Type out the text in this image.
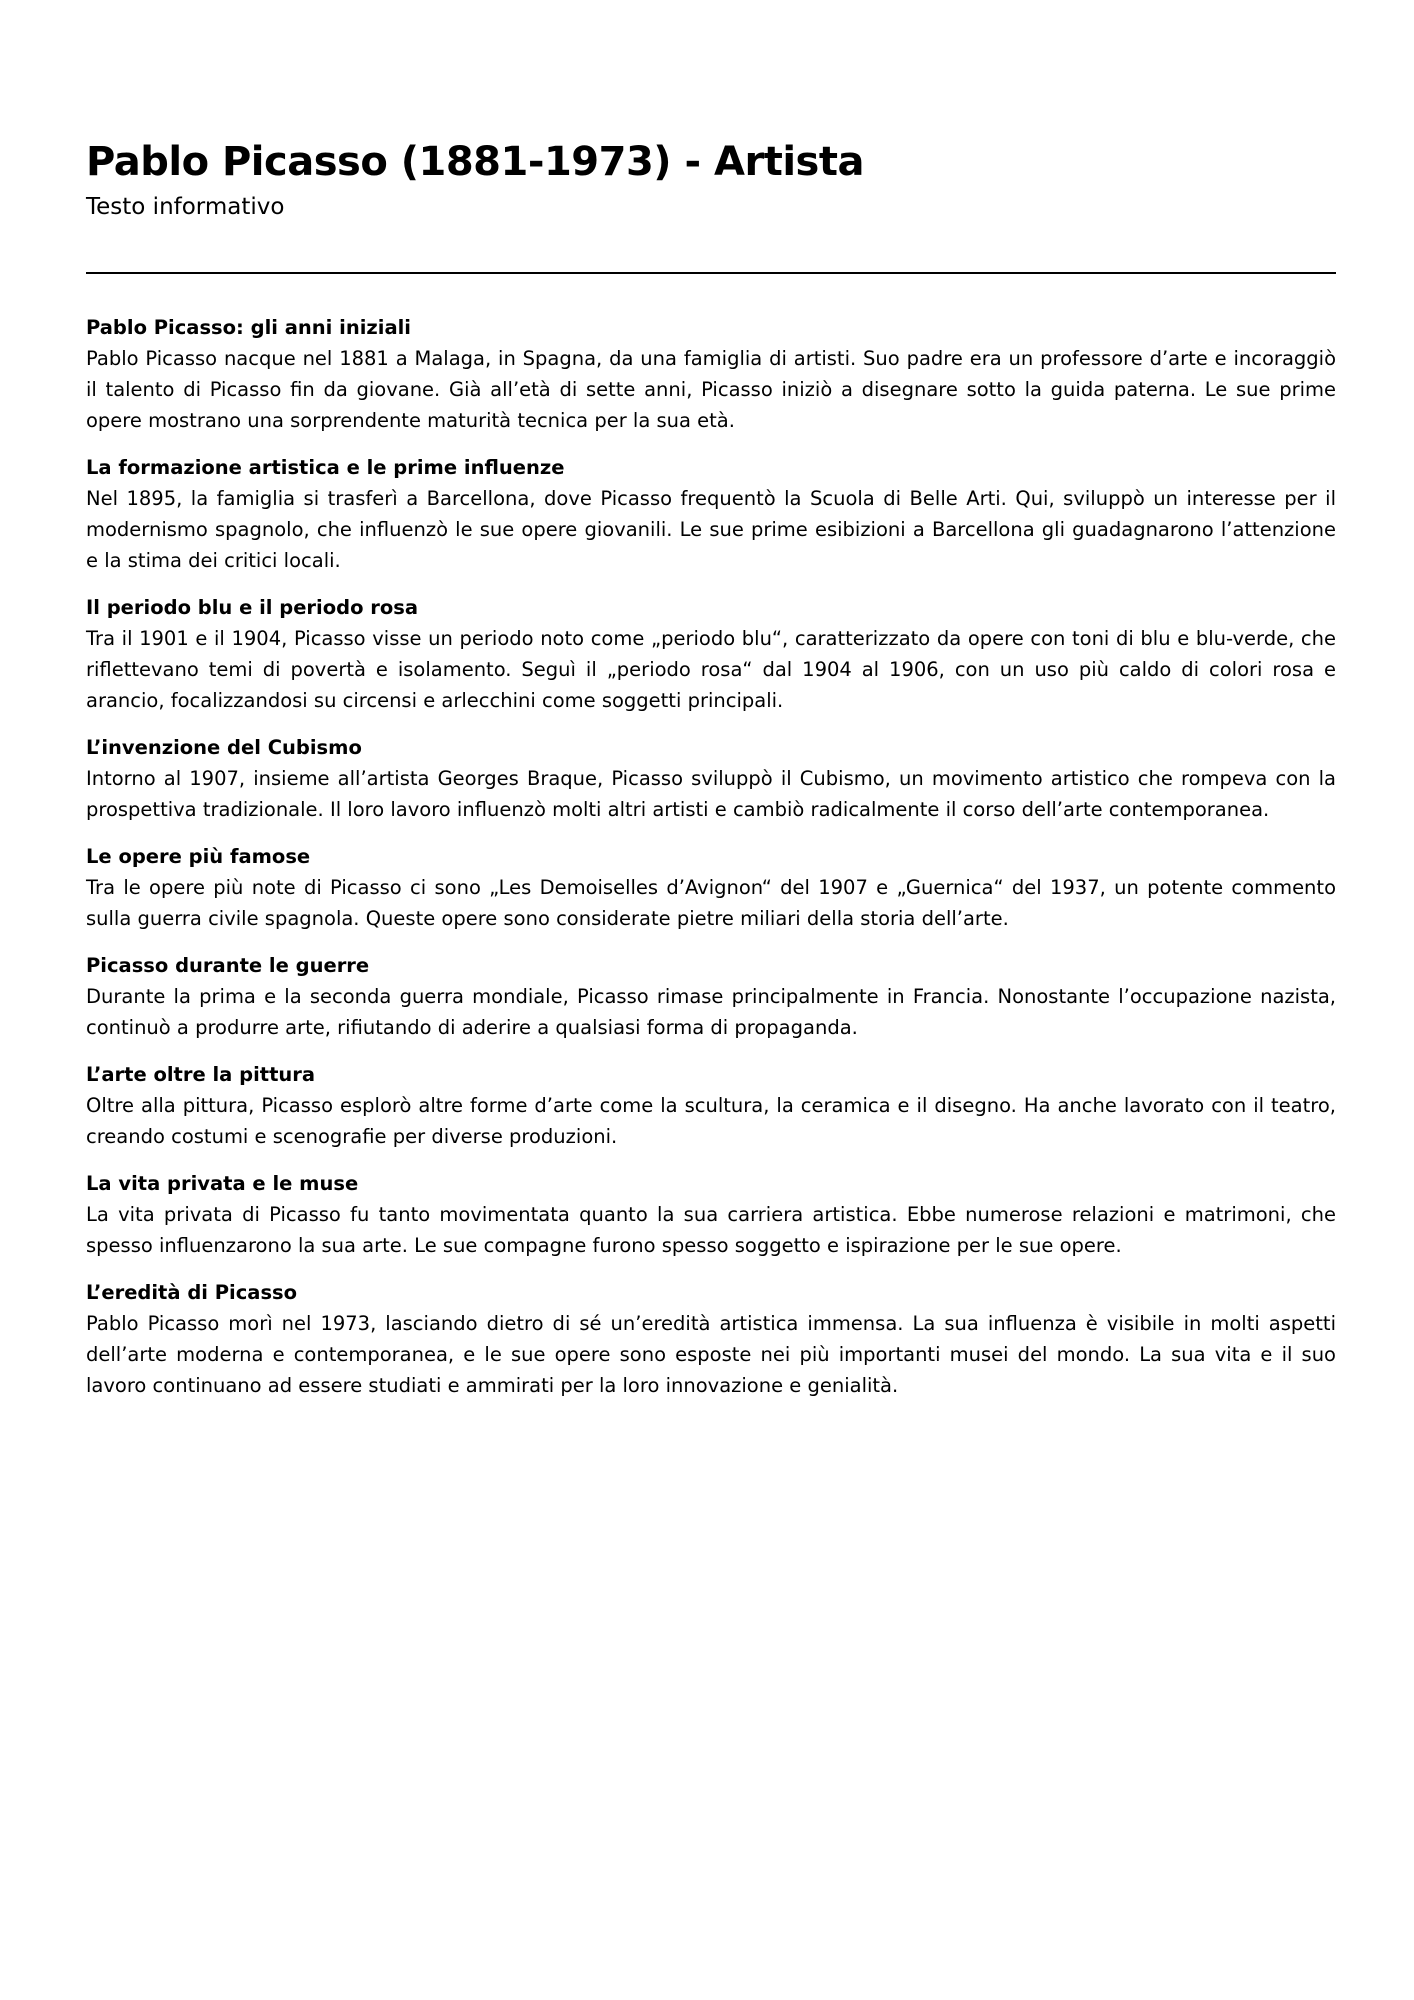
Pablo Picasso (1881-1973) - Artista

Testo informativo

Pablo Picasso: gli anni iniziali

Pablo Picasso nacque nel 1881 a Malaga, in Spagna, da una famiglia di artisti. Suo padre era un professore d’arte e incoraggiò il talento di Picasso fin da giovane. Già all’età di sette anni, Picasso iniziò a disegnare sotto la guida paterna. Le sue prime opere mostrano una sorprendente maturità tecnica per la sua età.

La formazione artistica e le prime influenze

Nel 1895, la famiglia si trasferì a Barcellona, dove Picasso frequentò la Scuola di Belle Arti. Qui, sviluppò un interesse per il modernismo spagnolo, che influenzò le sue opere giovanili. Le sue prime esibizioni a Barcellona gli guadagnarono l’attenzione e la stima dei critici locali.

Il periodo blu e il periodo rosa

Tra il 1901 e il 1904, Picasso visse un periodo noto come „periodo blu“, caratterizzato da opere con toni di blu e blu-verde, che riflettevano temi di povertà e isolamento. Seguì il „periodo rosa“ dal 1904 al 1906, con un uso più caldo di colori rosa e arancio, focalizzandosi su circensi e arlecchini come soggetti principali.

L’invenzione del Cubismo

Intorno al 1907, insieme all’artista Georges Braque, Picasso sviluppò il Cubismo, un movimento artistico che rompeva con la prospettiva tradizionale. Il loro lavoro influenzò molti altri artisti e cambiò radicalmente il corso dell’arte contemporanea.

Le opere più famose

Tra le opere più note di Picasso ci sono „Les Demoiselles d’Avignon“ del 1907 e „Guernica“ del 1937, un potente commento sulla guerra civile spagnola. Queste opere sono considerate pietre miliari della storia dell’arte.

Picasso durante le guerre

Durante la prima e la seconda guerra mondiale, Picasso rimase principalmente in Francia. Nonostante l’occupazione nazista, continuò a produrre arte, rifiutando di aderire a qualsiasi forma di propaganda.

L’arte oltre la pittura

Oltre alla pittura, Picasso esplorò altre forme d’arte come la scultura, la ceramica e il disegno. Ha anche lavorato con il teatro, creando costumi e scenografie per diverse produzioni.

La vita privata e le muse

La vita privata di Picasso fu tanto movimentata quanto la sua carriera artistica. Ebbe numerose relazioni e matrimoni, che spesso influenzarono la sua arte. Le sue compagne furono spesso soggetto e ispirazione per le sue opere.

L’eredità di Picasso

Pablo Picasso morì nel 1973, lasciando dietro di sé un’eredità artistica immensa. La sua influenza è visibile in molti aspetti dell’arte moderna e contemporanea, e le sue opere sono esposte nei più importanti musei del mondo. La sua vita e il suo lavoro continuano ad essere studiati e ammirati per la loro innovazione e genialità.
